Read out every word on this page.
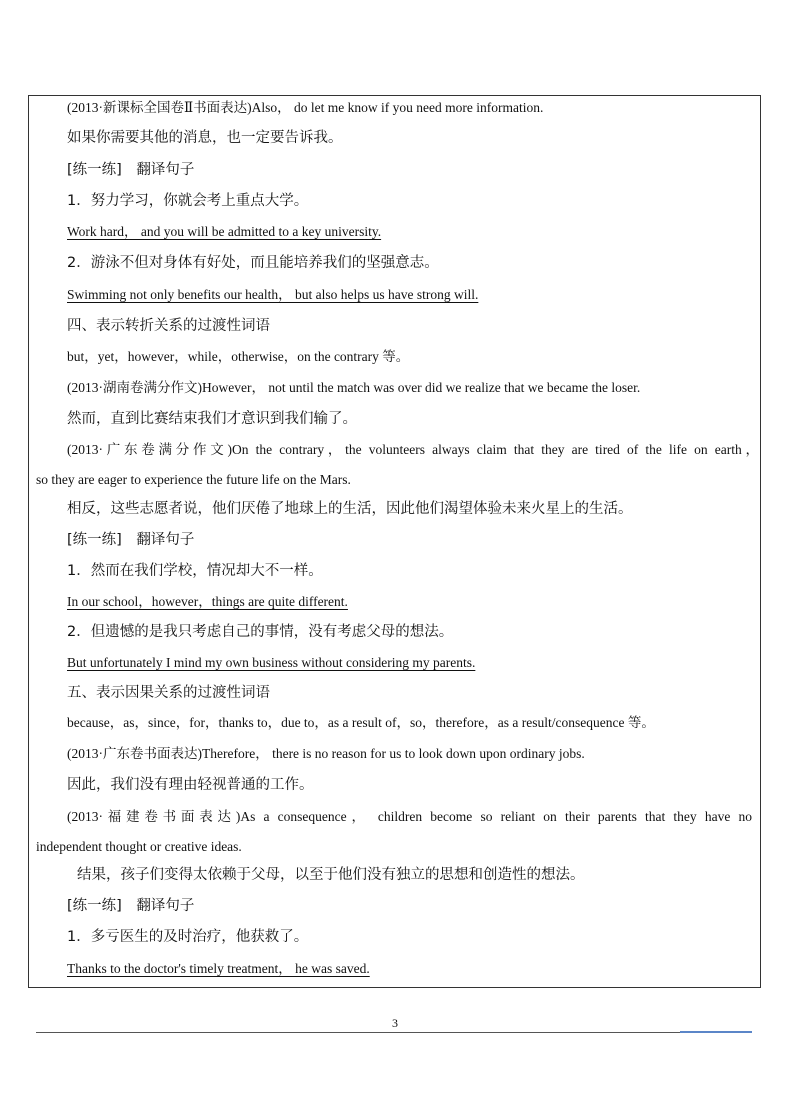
(2013·新课标全国卷Ⅱ书面表达)Also， do let me know if you need more information.
如果你需要其他的消息，也一定要告诉我。
[练一练]　翻译句子
1．努力学习，你就会考上重点大学。
Work hard， and you will be admitted to a key university.
2．游泳不但对身体有好处，而且能培养我们的坚强意志。
Swimming not only benefits our health， but also helps us have strong will.
四、表示转折关系的过渡性词语
but，yet，however，while，otherwise，on the contrary 等。
(2013·湖南卷满分作文)However， not until the match was over did we realize that we became the loser.
然而，直到比赛结束我们才意识到我们输了。
(2013·广东卷满分作文)On the contrary，the volunteers always claim that they are tired of the life on earth，
so they are eager to experience the future life on the Mars.
相反，这些志愿者说，他们厌倦了地球上的生活，因此他们渴望体验未来火星上的生活。
[练一练]　翻译句子
1．然而在我们学校，情况却大不一样。
In our school，however，things are quite different.
2．但遗憾的是我只考虑自己的事情，没有考虑父母的想法。
But unfortunately I mind my own business without considering my parents.
五、表示因果关系的过渡性词语
because，as，since，for，thanks to，due to，as a result of，so，therefore，as a result/consequence 等。
(2013·广东卷书面表达)Therefore， there is no reason for us to look down upon ordinary jobs.
因此，我们没有理由轻视普通的工作。
(2013·福建卷书面表达)As a consequence， children become so reliant on their parents that they have no
independent thought or creative ideas.
结果，孩子们变得太依赖于父母，以至于他们没有独立的思想和创造性的想法。
[练一练]　翻译句子
1．多亏医生的及时治疗，他获救了。
Thanks to the doctor's timely treatment， he was saved.
3
